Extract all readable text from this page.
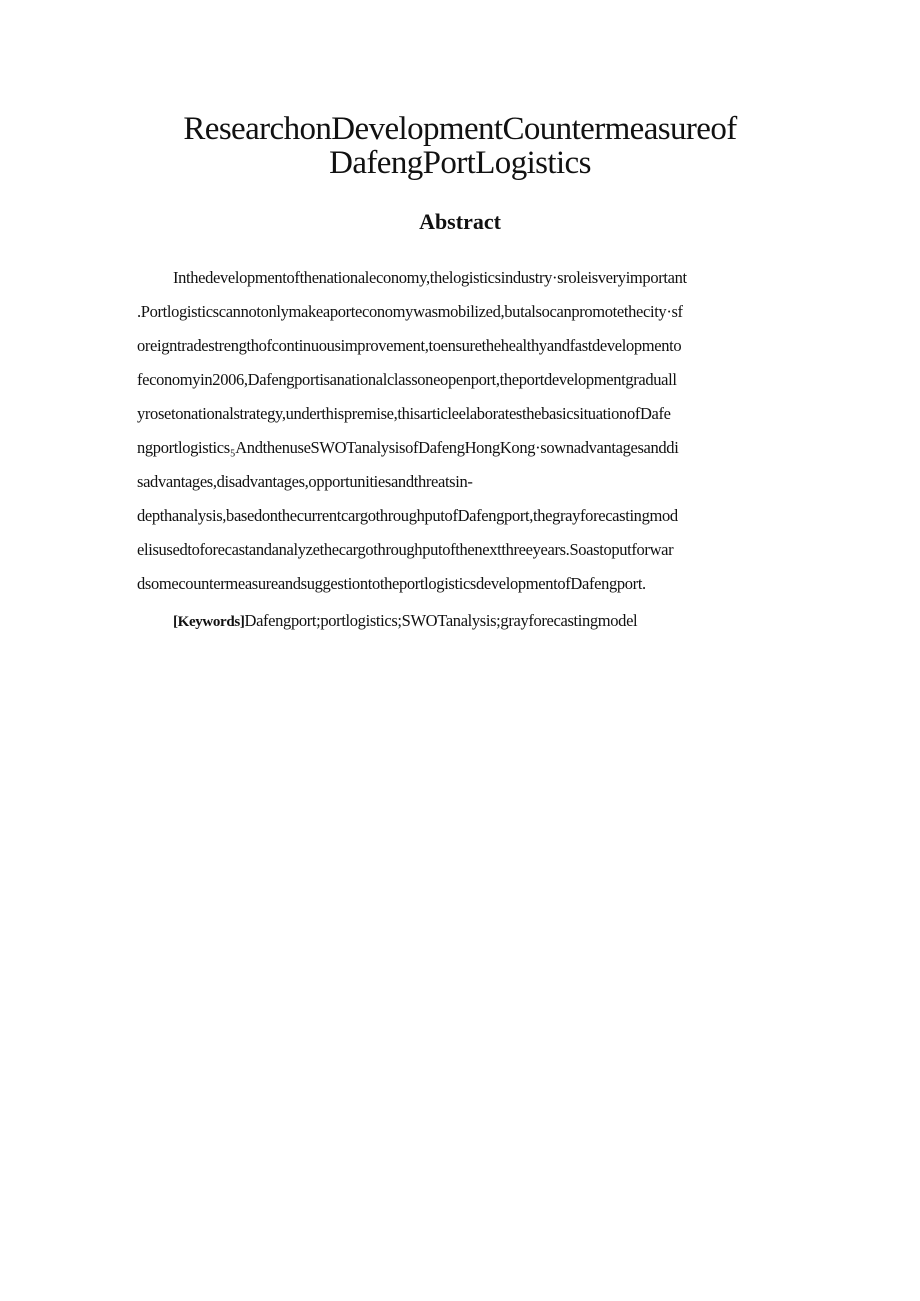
ResearchonDevelopmentCountermeasureof
DafengPortLogistics
Abstract
Inthedevelopmentofthenationaleconomy,thelogisticsindustry·sroleisveryimportant
.Portlogisticscannotonlymakeaporteconomywasmobilized,butalsocanpromotethecity·sf
oreigntradestrengthofcontinuousimprovement,toensurethehealthyandfastdevelopmento
feconomyin2006,Dafengportisanationalclassoneopenport,theportdevelopmentgraduall
yrosetonationalstrategy,underthispremise,thisarticleelaboratesthebasicsituationofDafe
ngportlogistics₅AndthenuseSWOTanalysisofDafengHongKong·sownadvantagesanddi
sadvantages,disadvantages,opportunitiesandthreatsin-
depthanalysis,basedonthecurrentcargothroughputofDafengport,thegrayforecastingmod
elisusedtoforecastandanalyzethecargothroughputofthenextthreeyears.Soastoputforwar
dsomecountermeasureandsuggestiontotheportlogisticsdevelopmentofDafengport.
[Keywords]Dafengport;portlogistics;SWOTanalysis;grayforecastingmodel
